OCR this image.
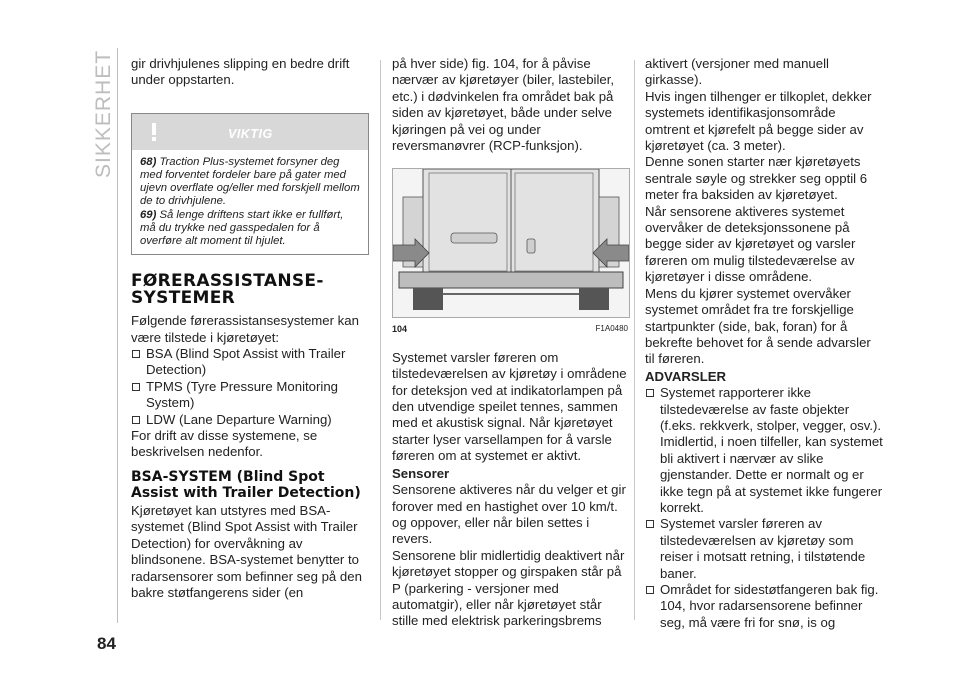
SIKKERHET
84

gir drivhjulenes slipping en bedre drift under oppstarten.

VIKTIG

68) Traction Plus-systemet forsyner deg med forventet fordeler bare på gater med ujevn overflate og/eller med forskjell mellom de to drivhjulene.

69) Så lenge driftens start ikke er fullført, må du trykke ned gasspedalen for å overføre alt moment til hjulet.

FØRERASSISTANSE-SYSTEMER

Følgende førerassistansesystemer kan være tilstede i kjøretøyet:

BSA (Blind Spot Assist with Trailer Detection)
TPMS (Tyre Pressure Monitoring System)
LDW (Lane Departure Warning)

For drift av disse systemene, se beskrivelsen nedenfor.

BSA-SYSTEM (Blind Spot Assist with Trailer Detection)

Kjøretøyet kan utstyres med BSA-systemet (Blind Spot Assist with Trailer Detection) for overvåkning av blindsonene. BSA-systemet benytter to radarsensorer som befinner seg på den bakre støtfangerens sider (en

på hver side) fig. 104, for å påvise nærvær av kjøretøyer (biler, lastebiler, etc.) i dødvinkelen fra området bak på siden av kjøretøyet, både under selve kjøringen på vei og under reversmanøvrer (RCP-funksjon).

104	F1A0480

Systemet varsler føreren om tilstedeværelsen av kjøretøy i områdene for deteksjon ved at indikatorlampen på den utvendige speilet tennes, sammen med et akustisk signal. Når kjøretøyet starter lyser varsellampen for å varsle føreren om at systemet er aktivt.

Sensorer

Sensorene aktiveres når du velger et gir forover med en hastighet over 10 km/t. og oppover, eller når bilen settes i revers.

Sensorene blir midlertidig deaktivert når kjøretøyet stopper og girspaken står på P (parkering - versjoner med automatgir), eller når kjøretøyet står stille med elektrisk parkeringsbrems

aktivert (versjoner med manuell girkasse).

Hvis ingen tilhenger er tilkoplet, dekker systemets identifikasjonsområde omtrent et kjørefelt på begge sider av kjøretøyet (ca. 3 meter).

Denne sonen starter nær kjøretøyets sentrale søyle og strekker seg opptil 6 meter fra baksiden av kjøretøyet.

Når sensorene aktiveres systemet overvåker de deteksjonssonene på begge sider av kjøretøyet og varsler føreren om mulig tilstedeværelse av kjøretøyer i disse områdene.

Mens du kjører systemet overvåker systemet området fra tre forskjellige startpunkter (side, bak, foran) for å bekrefte behovet for å sende advarsler til føreren.

ADVARSLER
Systemet rapporterer ikke tilstedeværelse av faste objekter (f.eks. rekkverk, stolper, vegger, osv.). Imidlertid, i noen tilfeller, kan systemet bli aktivert i nærvær av slike gjenstander. Dette er normalt og er ikke tegn på at systemet ikke fungerer korrekt.
Systemet varsler føreren av tilstedeværelsen av kjøretøy som reiser i motsatt retning, i tilstøtende baner.
Området for sidestøtfangeren bak fig. 104, hvor radarsensorene befinner seg, må være fri for snø, is og
